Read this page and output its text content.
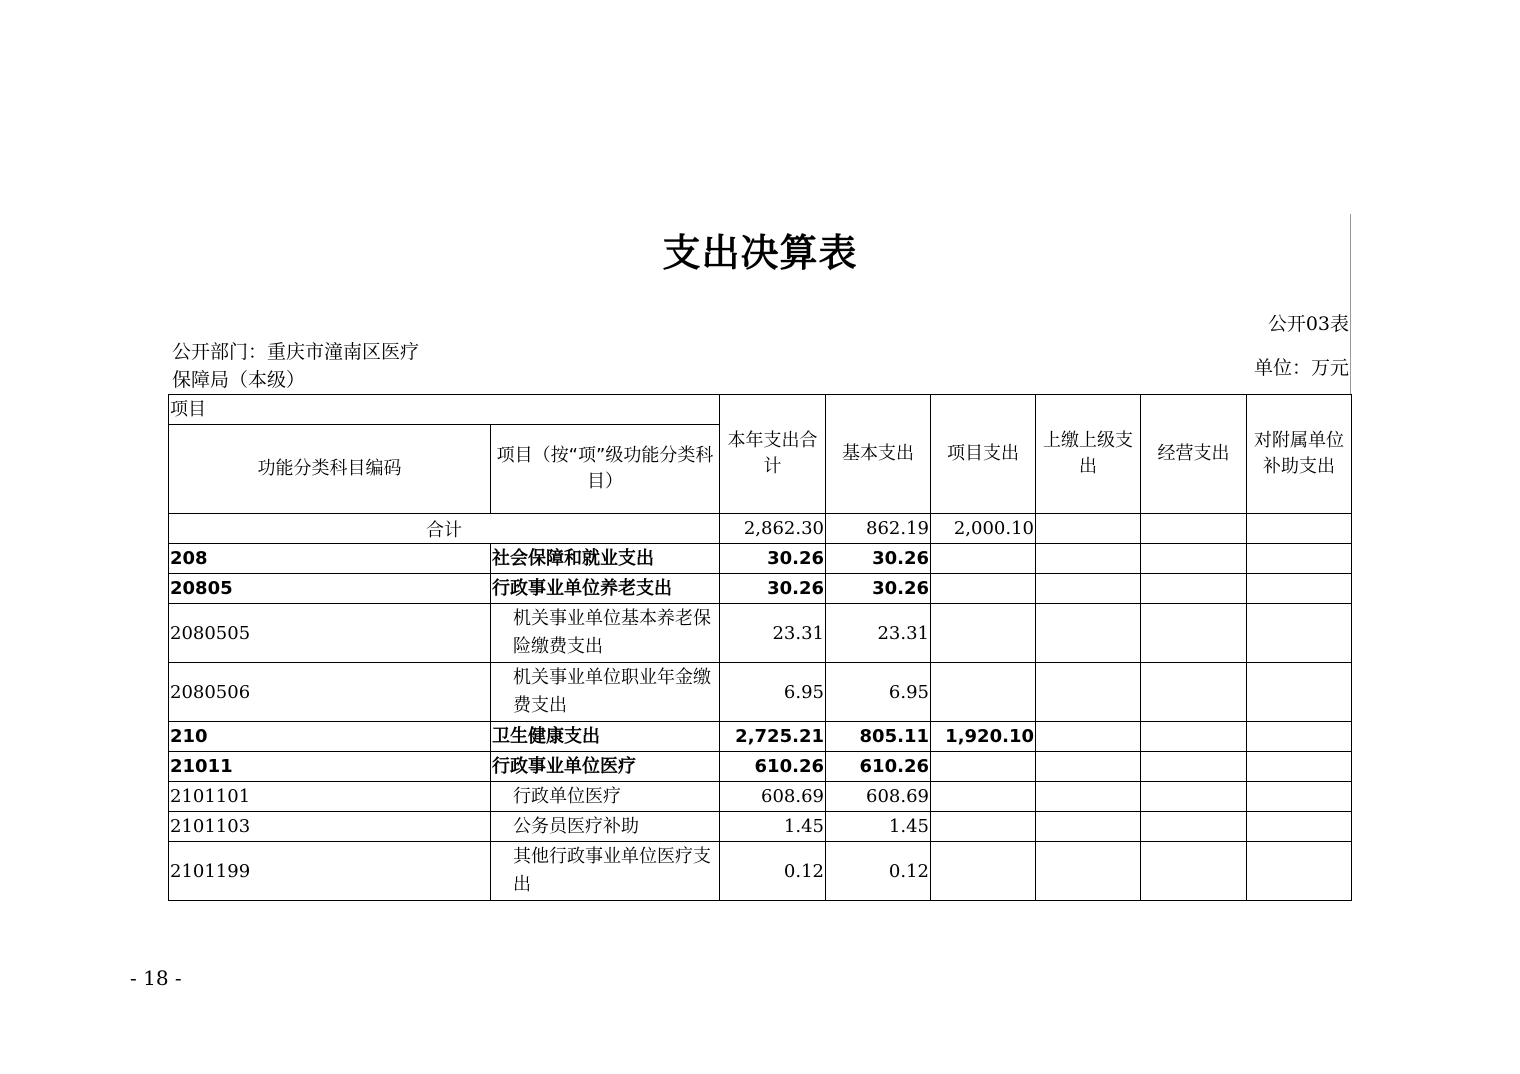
支出决算表
公开03表
单位：万元
公开部门：重庆市潼南区医疗
保障局（本级）
项目		本年支出合计	基本支出	项目支出	上缴上级支出	经营支出	对附属单位补助支出
功能分类科目编码	项目（按“项”级功能分类科目）						
合计		2,862.30	862.19	2,000.10			
208	社会保障和就业支出	30.26	30.26				
20805	行政事业单位养老支出	30.26	30.26				
2080505	机关事业单位基本养老保险缴费支出	23.31	23.31				
2080506	机关事业单位职业年金缴费支出	6.95	6.95				
210	卫生健康支出	2,725.21	805.11	1,920.10			
21011	行政事业单位医疗	610.26	610.26				
2101101	行政单位医疗	608.69	608.69				
2101103	公务员医疗补助	1.45	1.45				
2101199	其他行政事业单位医疗支出	0.12	0.12				
- 18 -
